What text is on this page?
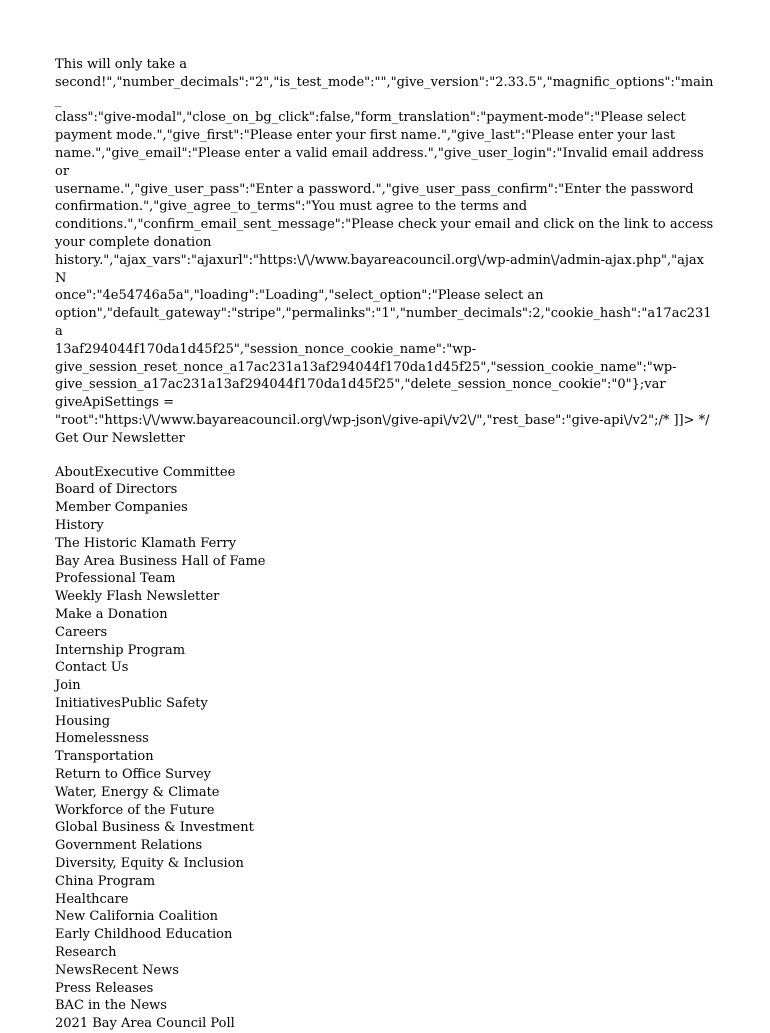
This will only take a
second!","number_decimals":"2","is_test_mode":"","give_version":"2.33.5","magnific_options":"main_
class":"give-modal","close_on_bg_click":false,"form_translation":"payment-mode":"Please select
payment mode.","give_first":"Please enter your first name.","give_last":"Please enter your last
name.","give_email":"Please enter a valid email address.","give_user_login":"Invalid email address or
username.","give_user_pass":"Enter a password.","give_user_pass_confirm":"Enter the password
confirmation.","give_agree_to_terms":"You must agree to the terms and
conditions.","confirm_email_sent_message":"Please check your email and click on the link to access
your complete donation
history.","ajax_vars":"ajaxurl":"https:\/\/www.bayareacouncil.org\/wp-admin\/admin-ajax.php","ajaxN
once":"4e54746a5a","loading":"Loading","select_option":"Please select an
option","default_gateway":"stripe","permalinks":"1","number_decimals":2,"cookie_hash":"a17ac231a
13af294044f170da1d45f25","session_nonce_cookie_name":"wp-
give_session_reset_nonce_a17ac231a13af294044f170da1d45f25","session_cookie_name":"wp-
give_session_a17ac231a13af294044f170da1d45f25","delete_session_nonce_cookie":"0"};var
giveApiSettings =
"root":"https:\/\/www.bayareacouncil.org\/wp-json\/give-api\/v2\/","rest_base":"give-api\/v2";/* ]]> */

Get Our Newsletter

AboutExecutive Committee
Board of Directors
Member Companies
History
The Historic Klamath Ferry
Bay Area Business Hall of Fame
Professional Team
Weekly Flash Newsletter
Make a Donation
Careers
Internship Program
Contact Us
Join
InitiativesPublic Safety
Housing
Homelessness
Transportation
Return to Office Survey
Water, Energy & Climate
Workforce of the Future
Global Business & Investment
Government Relations
Diversity, Equity & Inclusion
China Program
Healthcare
New California Coalition
Early Childhood Education
Research
NewsRecent News
Press Releases
BAC in the News
2021 Bay Area Council Poll
